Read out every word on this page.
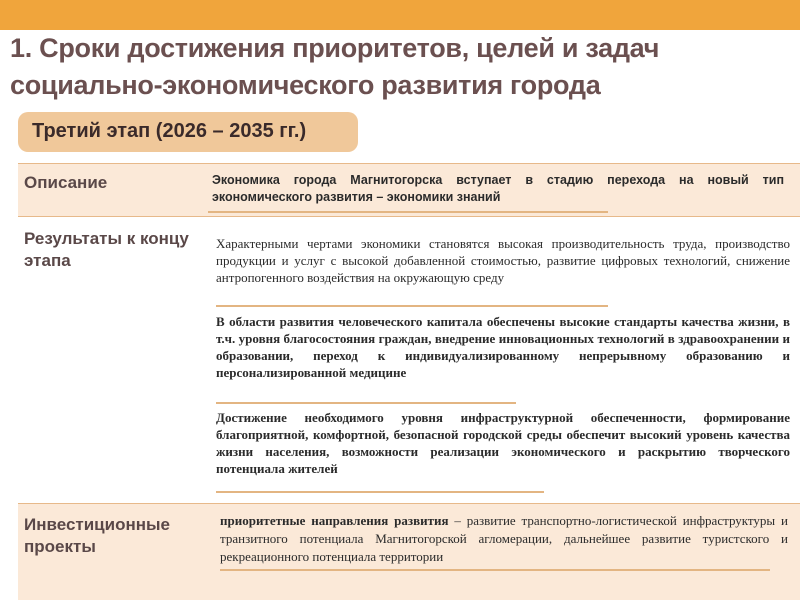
1. Сроки достижения приоритетов, целей и задач социально-экономического развития города
Третий этап (2026 – 2035 гг.)
Описание	Экономика города Магнитогорска вступает в стадию перехода на новый тип экономического развития – экономики знаний
Результаты к концу этапа
Характерными чертами экономики становятся высокая производительность труда, производство продукции и услуг с высокой добавленной стоимостью, развитие цифровых технологий, снижение антропогенного воздействия на окружающую среду
В области развития человеческого капитала обеспечены высокие стандарты качества жизни, в т.ч. уровня благосостояния граждан, внедрение инновационных технологий в здравоохранении и образовании, переход к индивидуализированному непрерывному образованию и персонализированной медицине
Достижение необходимого уровня инфраструктурной обеспеченности, формирование благоприятной, комфортной, безопасной городской среды обеспечит высокий уровень качества жизни населения, возможности реализации экономического и раскрытию творческого потенциала жителей
Инвестиционные проекты
приоритетные направления развития – развитие транспортно-логистической инфраструктуры и транзитного потенциала Магнитогорской агломерации, дальнейшее развитие туристского и рекреационного потенциала территории
